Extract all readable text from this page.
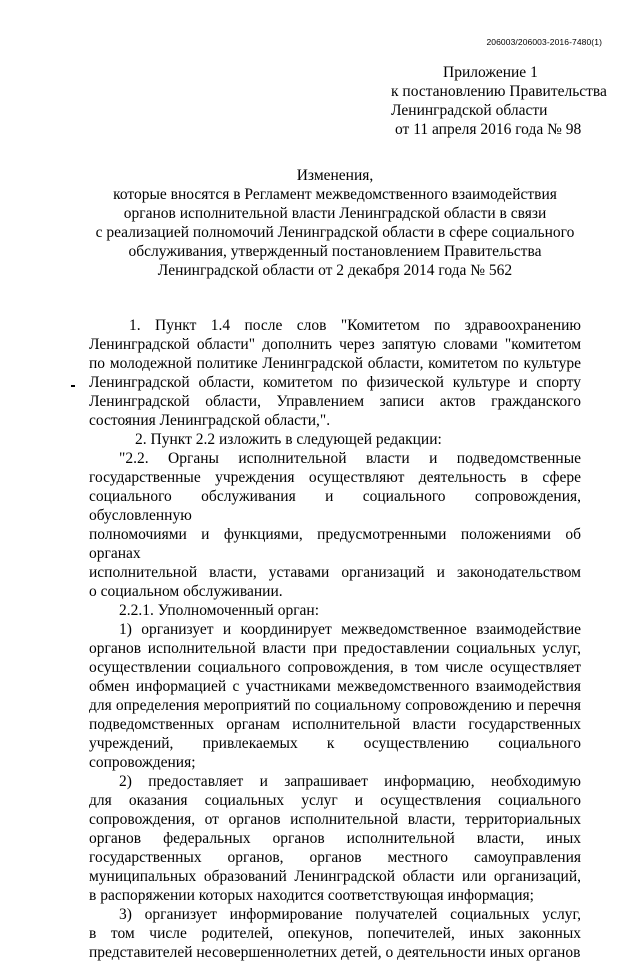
206003/206003-2016-7480(1)
Приложение 1
к постановлению Правительства
Ленинградской области
от 11 апреля 2016 года № 98
Изменения,
которые вносятся в Регламент межведомственного взаимодействия
органов исполнительной власти Ленинградской области в связи
с реализацией полномочий Ленинградской области в сфере социального
обслуживания, утвержденный постановлением Правительства
Ленинградской области от 2 декабря 2014 года № 562
1. Пункт 1.4 после слов "Комитетом по здравоохранению
Ленинградской области" дополнить через запятую словами "комитетом
по молодежной политике Ленинградской области, комитетом по культуре
Ленинградской области, комитетом по физической культуре и спорту
Ленинградской области, Управлением записи актов гражданского
состояния Ленинградской области,".
2. Пункт 2.2 изложить в следующей редакции:
"2.2. Органы исполнительной власти и подведомственные
государственные учреждения осуществляют деятельность в сфере
социального обслуживания и социального сопровождения, обусловленную
полномочиями и функциями, предусмотренными положениями об органах
исполнительной власти, уставами организаций и законодательством
о социальном обслуживании.
2.2.1. Уполномоченный орган:
1) организует и координирует межведомственное взаимодействие
органов исполнительной власти при предоставлении социальных услуг,
осуществлении социального сопровождения, в том числе осуществляет
обмен информацией с участниками межведомственного взаимодействия
для определения мероприятий по социальному сопровождению и перечня
подведомственных органам исполнительной власти государственных
учреждений, привлекаемых к осуществлению социального сопровождения;
2) предоставляет и запрашивает информацию, необходимую
для оказания социальных услуг и осуществления социального
сопровождения, от органов исполнительной власти, территориальных
органов федеральных органов исполнительной власти, иных
государственных органов, органов местного самоуправления
муниципальных образований Ленинградской области или организаций,
в распоряжении которых находится соответствующая информация;
3) организует информирование получателей социальных услуг,
в том числе родителей, опекунов, попечителей, иных законных
представителей несовершеннолетних детей, о деятельности иных органов
